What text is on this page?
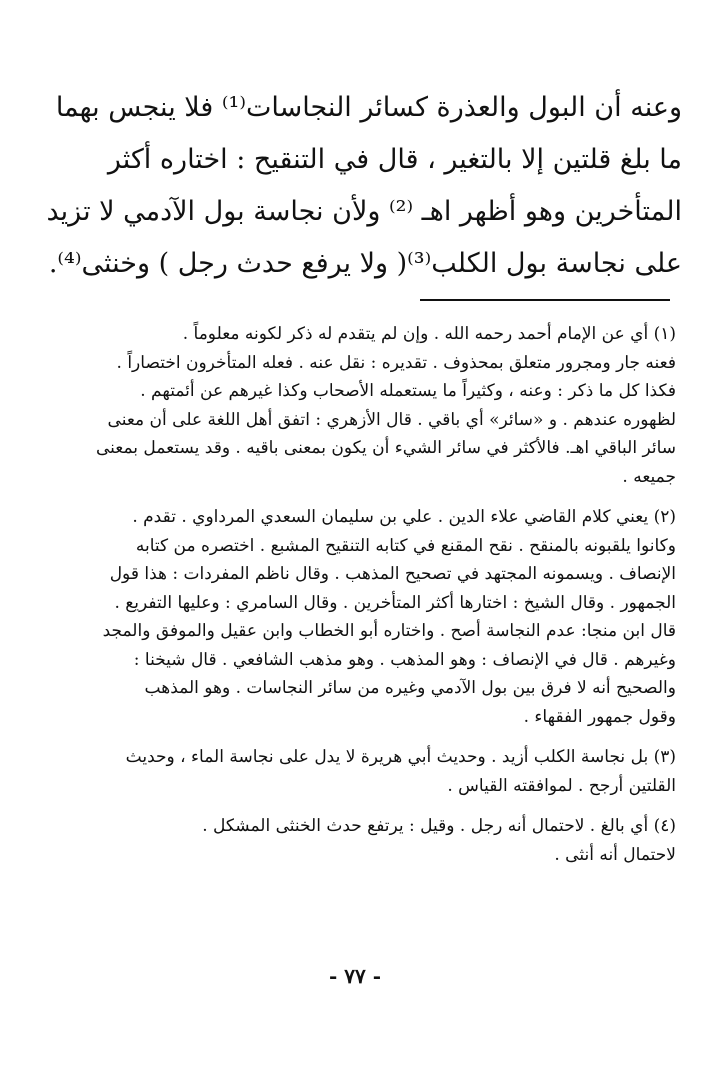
وعنه أن البول والعذرة كسائر النجاسات⁽¹⁾ فلا ينجس بهما
ما بلغ قلتين إلا بالتغير ، قال في التنقيح : اختاره أكثر
المتأخرين وهو أظهر اهـ ⁽²⁾ ولأن نجاسة بول الآدمي لا تزيد
على نجاسة بول الكلب⁽³⁾( ولا يرفع حدث رجل ) وخنثى⁽⁴⁾.
(١) أي عن الإمام أحمد رحمه الله . وإن لم يتقدم له ذكر لكونه معلوماً .
فعنه جار ومجرور متعلق بمحذوف . تقديره : نقل عنه . فعله المتأخرون اختصاراً .
فكذا كل ما ذكر : وعنه ، وكثيراً ما يستعمله الأصحاب وكذا غيرهم عن أئمتهم .
لظهوره عندهم . و «سائر» أي باقي . قال الأزهري : اتفق أهل اللغة على أن معنى
سائر الباقي اهـ. فالأكثر في سائر الشيء أن يكون بمعنى باقيه . وقد يستعمل بمعنى
جميعه .
(٢) يعني كلام القاضي علاء الدين . علي بن سليمان السعدي المرداوي . تقدم .
وكانوا يلقبونه بالمنقح . نقح المقنع في كتابه التنقيح المشبع . اختصره من كتابه
الإنصاف . ويسمونه المجتهد في تصحيح المذهب . وقال ناظم المفردات : هذا قول
الجمهور . وقال الشيخ : اختارها أكثر المتأخرين . وقال السامري : وعليها التفريع .
قال ابن منجا: عدم النجاسة أصح . واختاره أبو الخطاب وابن عقيل والموفق والمجد
وغيرهم . قال في الإنصاف : وهو المذهب . وهو مذهب الشافعي . قال شيخنا :
والصحيح أنه لا فرق بين بول الآدمي وغيره من سائر النجاسات . وهو المذهب
وقول جمهور الفقهاء .
(٣) بل نجاسة الكلب أزيد . وحديث أبي هريرة لا يدل على نجاسة الماء ، وحديث
القلتين أرجح . لموافقته القياس .
(٤) أي بالغ . لاحتمال أنه رجل . وقيل : يرتفع حدث الخنثى المشكل .
لاحتمال أنه أنثى .
- ٧٧ -
